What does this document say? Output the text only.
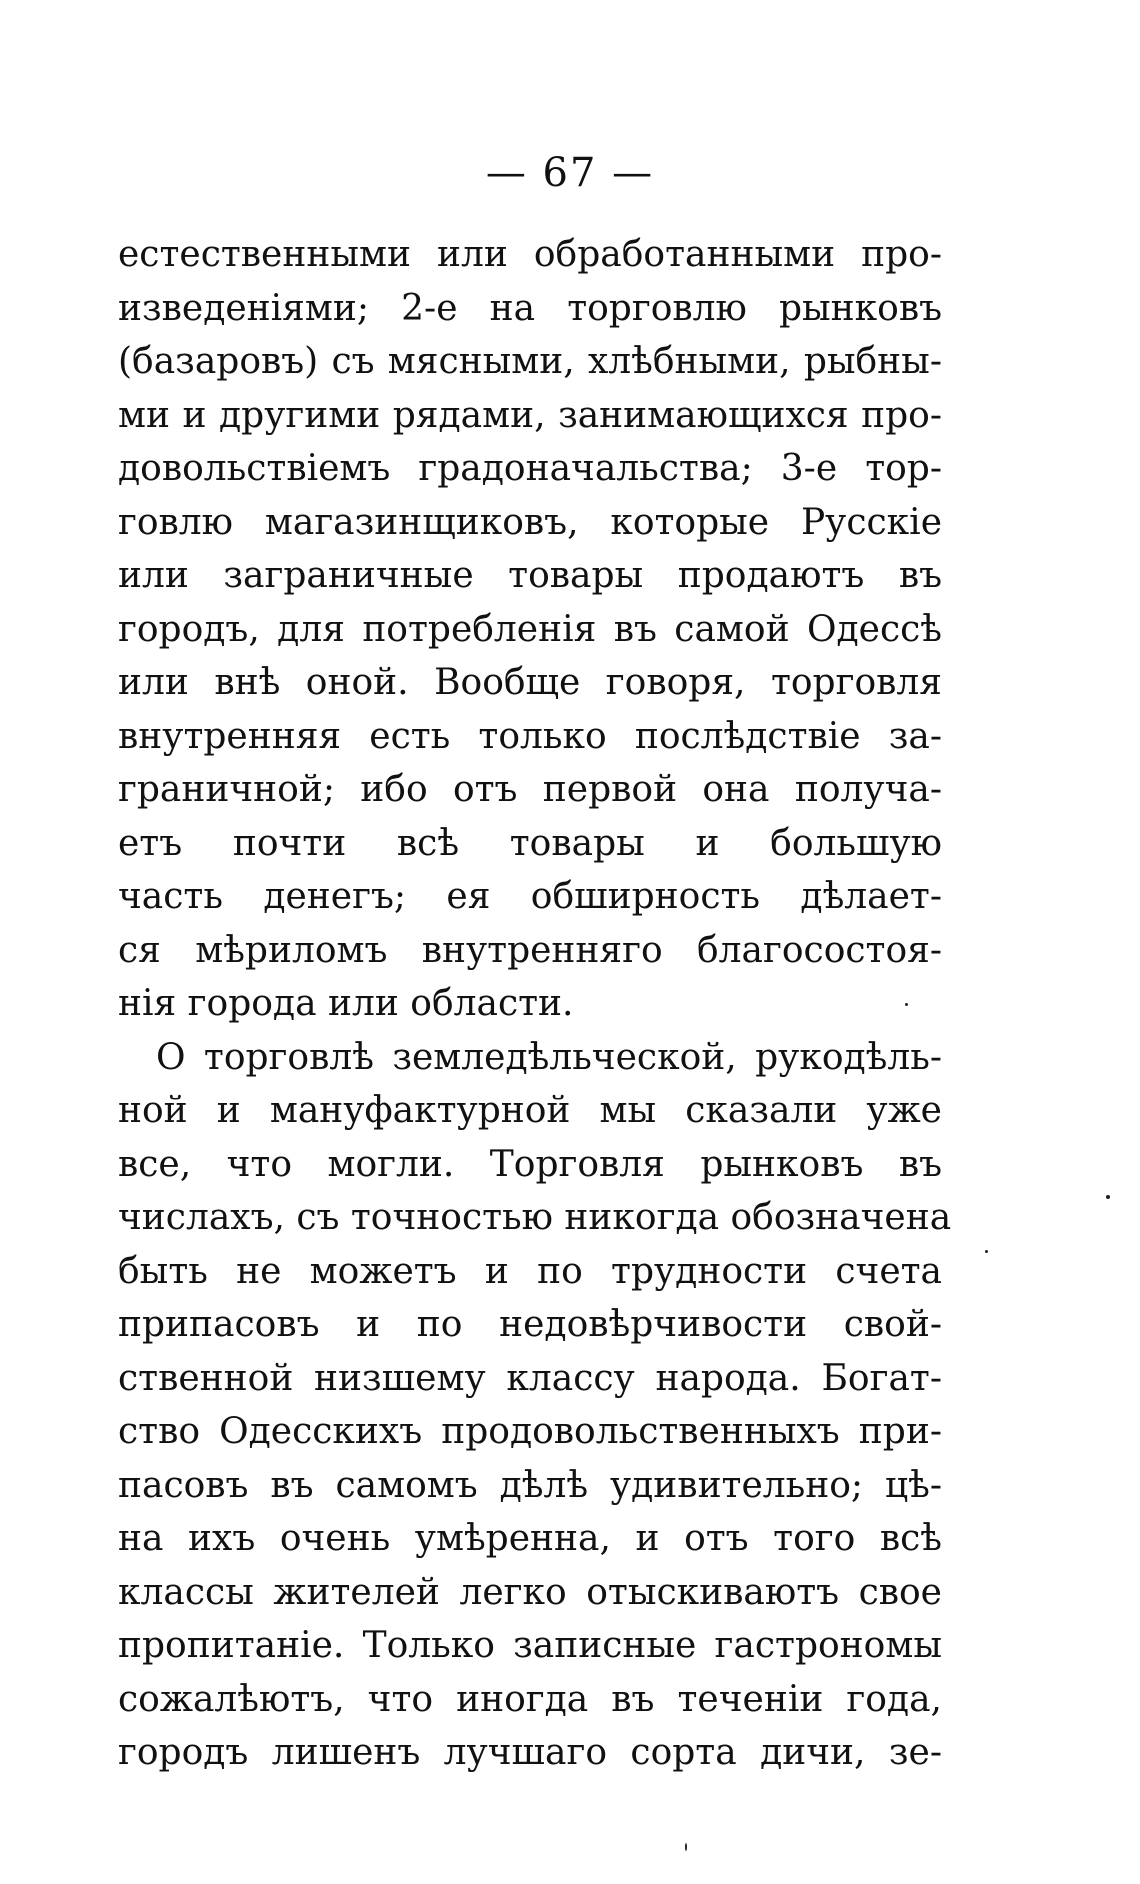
— 67 —
естественными или обработанными про-
изведеніями; 2-е на торговлю рынковъ
(базаровъ) съ мясными, хлѣбными, рыбны-
ми и другими рядами, занимающихся про-
довольствіемъ градоначальства; 3-е тор-
говлю магазинщиковъ, которые Русскіе
или заграничные товары продаютъ въ
городъ, для потребленія въ самой Одессѣ
или внѣ оной. Вообще говоря, торговля
внутренняя есть только послѣдствіе за-
граничной; ибо отъ первой она получа-
етъ почти всѣ товары и большую
часть денегъ; ея обширность дѣлает-
ся мѣриломъ внутренняго благосостоя-
нія города или области.
О торговлѣ земледѣльческой, рукодѣль-
ной и мануфактурной мы сказали уже
все, что могли. Торговля рынковъ въ
числахъ, съ точностью никогда обозначена
быть не можетъ и по трудности счета
припасовъ и по недовѣрчивости свой-
ственной низшему классу народа. Богат-
ство Одесскихъ продовольственныхъ при-
пасовъ въ самомъ дѣлѣ удивительно; цѣ-
на ихъ очень умѣренна, и отъ того всѣ
классы жителей легко отыскиваютъ свое
пропитаніе. Только записные гастрономы
сожалѣютъ, что иногда въ теченіи года,
городъ лишенъ лучшаго сорта дичи, зе-
